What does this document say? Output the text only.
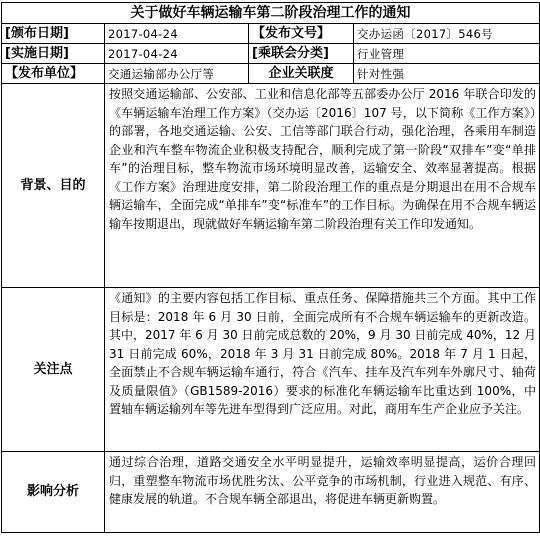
关于做好车辆运输车第二阶段治理工作的通知			
[颁布日期]	2017-04-24	【发布文号】	交办运函〔2017〕546号
[实施日期]	2017-04-24	[乘联会分类]	行业管理
【发布单位】	交通运输部办公厅等	企业关联度	针对性强
背景、目的	按照交通运输部、公安部、工业和信息化部等五部委办公厅 2016 年联合印发的《车辆运输车治理工作方案》（交办运〔2016〕107 号，以下简称《工作方案》）的部署，各地交通运输、公安、工信等部门联合行动，强化治理，各乘用车制造企业和汽车整车物流企业积极支持配合，顺利完成了第一阶段“双排车”变“单排车”的治理目标，整车物流市场环境明显改善，运输安全、效率显著提高。根据《工作方案》治理进度安排，第二阶段治理工作的重点是分期退出在用不合规车辆运输车，全面完成“单排车”变“标准车”的工作目标。为确保在用不合规车辆运输车按期退出，现就做好车辆运输车第二阶段治理有关工作印发通知。		
关注点	《通知》的主要内容包括工作目标、重点任务、保障措施共三个方面。其中工作目标是：2018 年 6 月 30 日前，全面完成所有不合规车辆运输车的更新改造。其中，2017 年 6 月 30 日前完成总数的 20%，9 月 30 日前完成 40%，12 月 31 日前完成 60%，2018 年 3 月 31 日前完成 80%。2018 年 7 月 1 日起，全面禁止不合规车辆运输车通行，符合《汽车、挂车及汽车列车外廓尺寸、轴荷及质量限值》（GB1589-2016）要求的标准化车辆运输车比重达到 100%，中置轴车辆运输列车等先进车型得到广泛应用。对此，商用车生产企业应予关注。		
影响分析	通过综合治理，道路交通安全水平明显提升，运输效率明显提高，运价合理回归，重塑整车物流市场优胜劣汰、公平竞争的市场机制，行业进入规范、有序、健康发展的轨道。不合规车辆全部退出，将促进车辆更新购置。		
